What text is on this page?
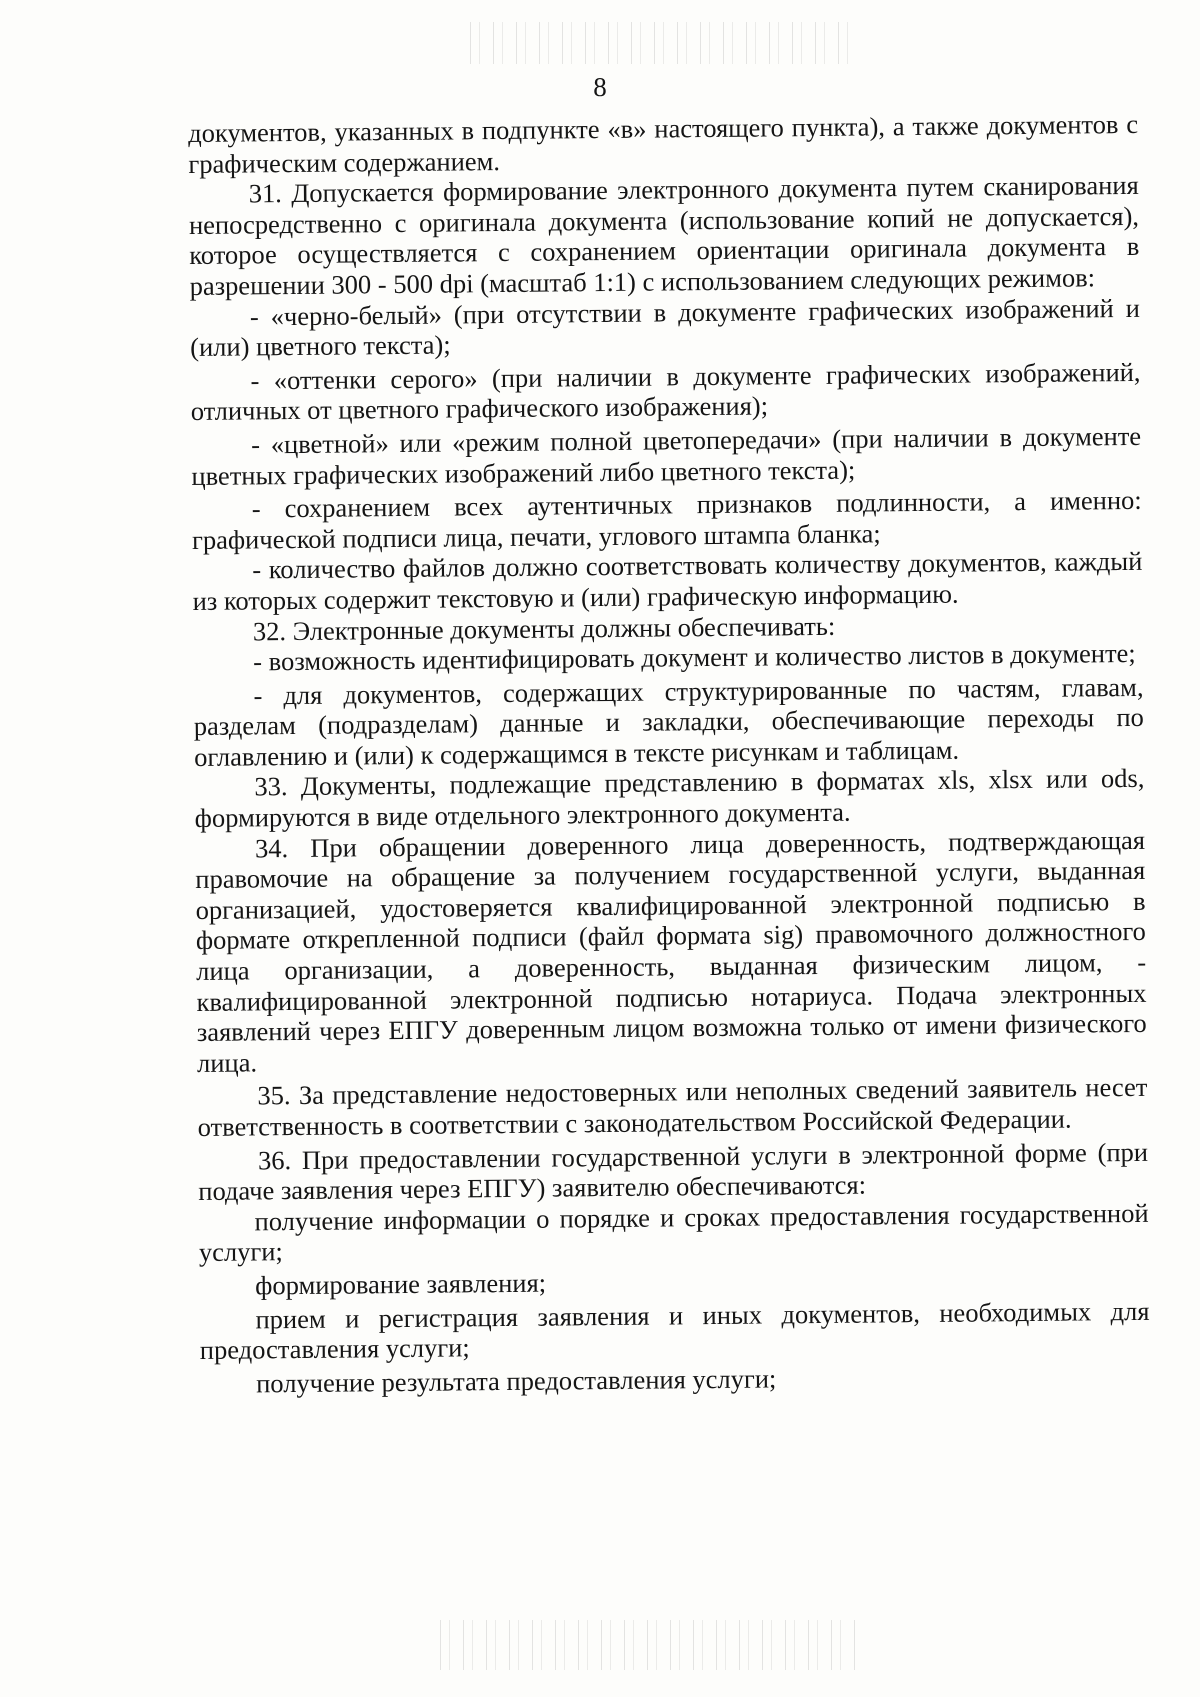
8

документов, указанных в подпункте «в» настоящего пункта), а также документов с графическим содержанием.

31. Допускается формирование электронного документа путем сканирования непосредственно с оригинала документа (использование копий не допускается), которое осуществляется с сохранением ориентации оригинала документа в разрешении 300 - 500 dpi (масштаб 1:1) с использованием следующих режимов:

- «черно-белый» (при отсутствии в документе графических изображений и (или) цветного текста);

- «оттенки серого» (при наличии в документе графических изображений, отличных от цветного графического изображения);

- «цветной» или «режим полной цветопередачи» (при наличии в документе цветных графических изображений либо цветного текста);

- сохранением всех аутентичных признаков подлинности, а именно: графической подписи лица, печати, углового штампа бланка;

- количество файлов должно соответствовать количеству документов, каждый из которых содержит текстовую и (или) графическую информацию.

32. Электронные документы должны обеспечивать:

- возможность идентифицировать документ и количество листов в документе;

- для документов, содержащих структурированные по частям, главам, разделам (подразделам) данные и закладки, обеспечивающие переходы по оглавлению и (или) к содержащимся в тексте рисункам и таблицам.

33. Документы, подлежащие представлению в форматах xls, xlsx или ods, формируются в виде отдельного электронного документа.

34. При обращении доверенного лица доверенность, подтверждающая правомочие на обращение за получением государственной услуги, выданная организацией, удостоверяется квалифицированной электронной подписью в формате открепленной подписи (файл формата sig) правомочного должностного лица организации, а доверенность, выданная физическим лицом, - квалифицированной электронной подписью нотариуса. Подача электронных заявлений через ЕПГУ доверенным лицом возможна только от имени физического лица.

35. За представление недостоверных или неполных сведений заявитель несет ответственность в соответствии с законодательством Российской Федерации.

36. При предоставлении государственной услуги в электронной форме (при подаче заявления через ЕПГУ) заявителю обеспечиваются:

получение информации о порядке и сроках предоставления государственной услуги;

формирование заявления;

прием и регистрация заявления и иных документов, необходимых для предоставления услуги;

получение результата предоставления услуги;
